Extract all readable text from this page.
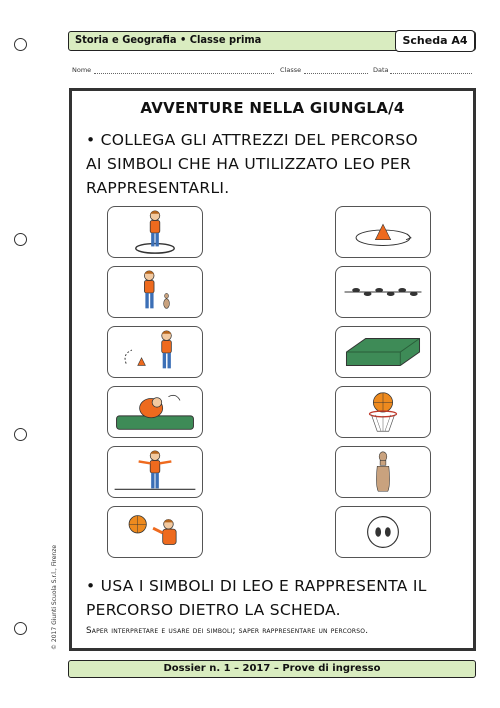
Storia e Geografia • Classe prima	Scheda A4
Nome	Classe	Data
AVVENTURE NELLA GIUNGLA/4
• COLLEGA GLI ATTREZZI DEL PERCORSO
AI SIMBOLI CHE HA UTILIZZATO LEO PER
RAPPRESENTARLI.
• USA I SIMBOLI DI LEO E RAPPRESENTA IL
PERCORSO DIETRO LA SCHEDA.
Saper interpretare e usare dei simboli; saper rappresentare un percorso.
© 2017 Giunti Scuola S.r.l., Firenze
Dossier n. 1 – 2017 – Prove di ingresso
